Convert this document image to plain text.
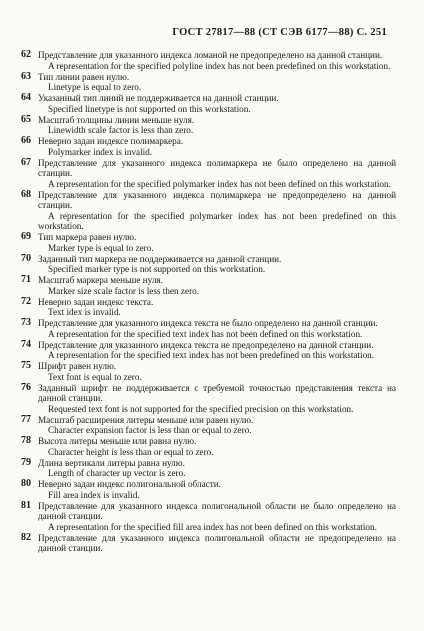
ГОСТ 27817—88 (СТ СЭВ 6177—88) С. 251
62 Представление для указанного индекса ломаной не предопределено на данной станции.
A representation for the specified polyline index has not been predefined on this workstation.
63 Тип линии равен нулю.
Linetype is equal to zero.
64 Указанный тип линий не поддерживается на данной станции.
Specified linetype is not supported on this workstation.
65 Масштаб толщины линии меньше нуля.
Linewidth scale factor is less than zero.
66 Неверно задан индексе полимаркера.
Polymarker index is invalid.
67 Представление для указанного индекса полимаркера не было определено на данной станции.
A representation for the specified polymarker index has not been defined on this workstation.
68 Представление для указанного индекса полимаркера не предопределено на данной станции.
A representation for the specified polymarker index has not been predefined on this workstation.
69 Тип маркера равен нулю.
Marker type is equal to zero.
70 Заданный тип маркера не поддерживается на данной станции.
Specified marker type is not supported on this workstation.
71 Масштаб маркера меньше нуля.
Marker size scale factor is less then zero.
72 Неверно задан индекс текста.
Text idex is invalid.
73 Представление для указанного индекса текста не было определено на данной станции.
A representation for the specified text index has not been defined on this workstation.
74 Представление для указанного индекса текста не предопределено на данной станции.
A representation for the specified text index has not been predefined on this workstation.
75 Шрифт равен нулю.
Text font is equal to zero.
76 Заданный шрифт не поддерживается с требуемой точностью представления текста на данной станции.
Requested text font is not supported for the specified precision on this workstation.
77 Масштаб расширения литеры меньше или равен нулю.
Character expansion factor is less than or equal to zero.
78 Высота литеры меньше или равна нулю.
Character height is less than or equal to zero.
79 Длина вертикали литеры равна нулю.
Length of character up vector is zero.
80 Неверно задан индекс полигональной области.
Fill area index is invalid.
81 Представление для указанного индекса полигональной области не было определено на данной станции.
A representation for the specified fill area index has not been defined on this workstation.
82 Представление для указанного индекса полигональной области не предопределено на данной станции.
